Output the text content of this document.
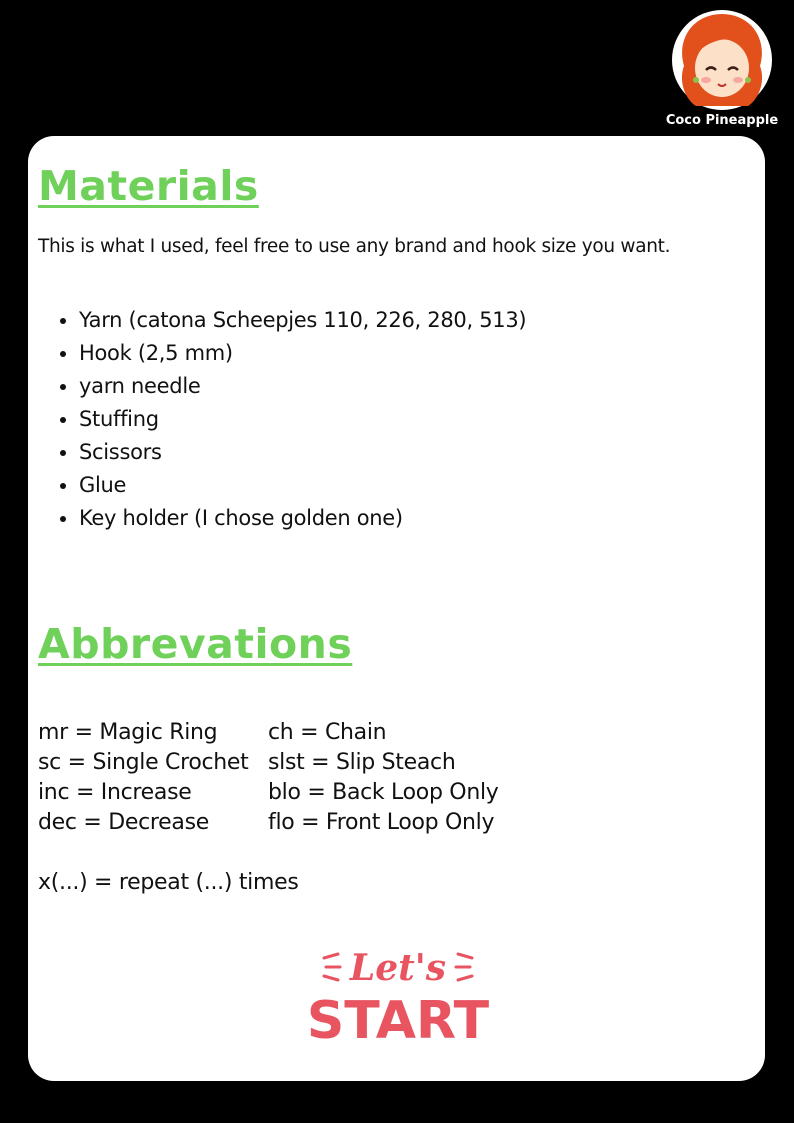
Coco Pineapple
Materials
This is what I used, feel free to use any brand and hook size you want.
• Yarn (catona Scheepjes 110, 226, 280, 513)
• Hook (2,5 mm)
• yarn needle
• Stuffing
• Scissors
• Glue
• Key holder (I chose golden one)
Abbrevations
mr = Magic Ring ch = Chain
sc = Single Crochet slst = Slip Steach
inc = Increase	blo = Back Loop Only
dec = Decrease	flo = Front Loop Only
x(...) = repeat (...) times
Let's
START
